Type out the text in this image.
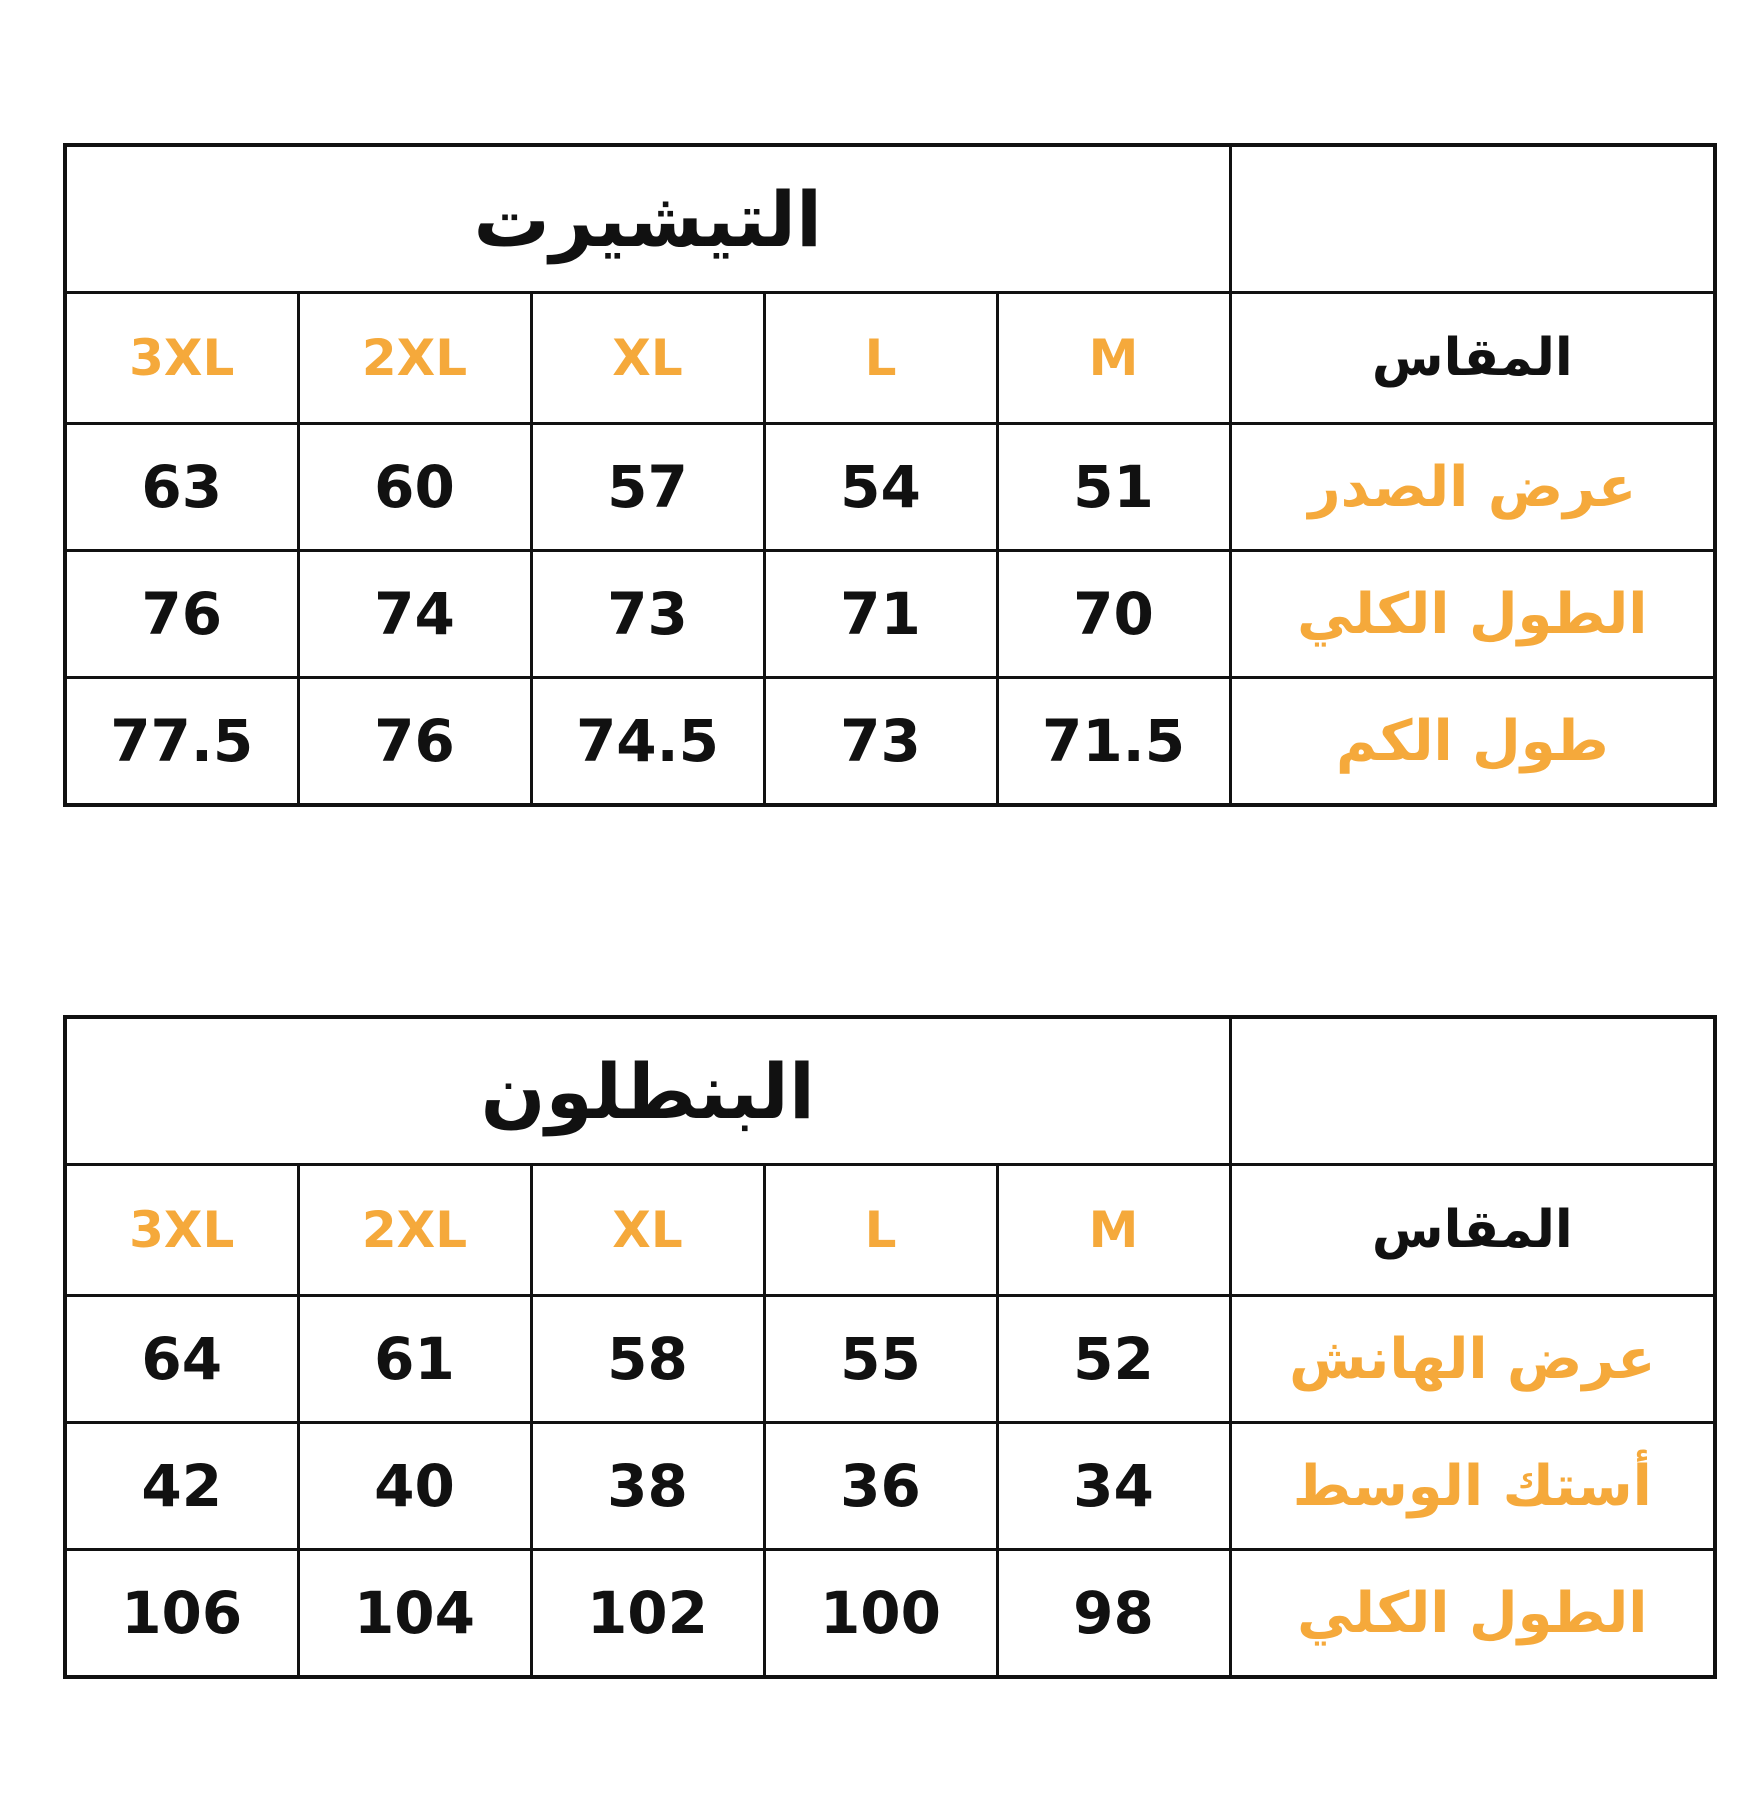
التيشيرت					
3XL	2XL	XL	L	M	المقاس
63	60	57	54	51	عرض الصدر
76	74	73	71	70	الطول الكلي
77.5	76	74.5	73	71.5	طول الكم
البنطلون					
3XL	2XL	XL	L	M	المقاس
64	61	58	55	52	عرض الهانش
42	40	38	36	34	أستك الوسط
106	104	102	100	98	الطول الكلي
